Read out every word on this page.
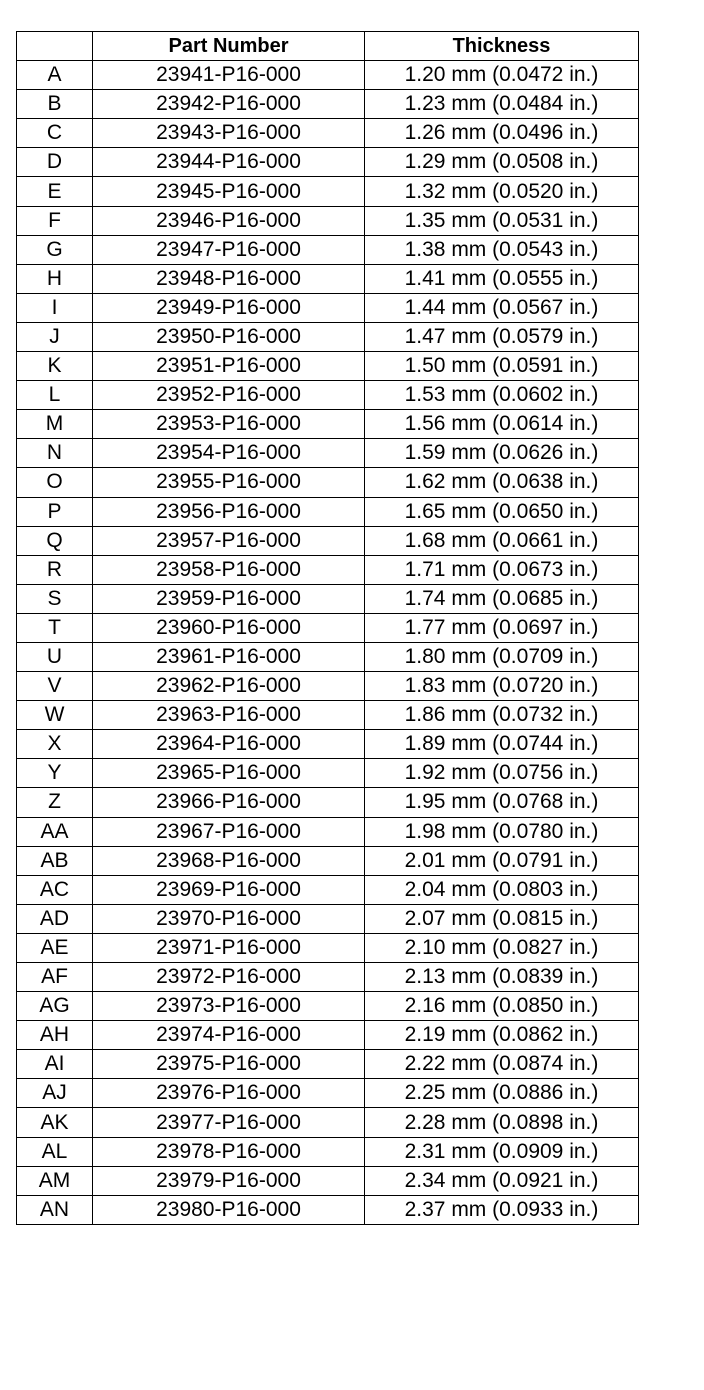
	Part Number	Thickness
A	23941-P16-000	1.20 mm (0.0472 in.)
B	23942-P16-000	1.23 mm (0.0484 in.)
C	23943-P16-000	1.26 mm (0.0496 in.)
D	23944-P16-000	1.29 mm (0.0508 in.)
E	23945-P16-000	1.32 mm (0.0520 in.)
F	23946-P16-000	1.35 mm (0.0531 in.)
G	23947-P16-000	1.38 mm (0.0543 in.)
H	23948-P16-000	1.41 mm (0.0555 in.)
I	23949-P16-000	1.44 mm (0.0567 in.)
J	23950-P16-000	1.47 mm (0.0579 in.)
K	23951-P16-000	1.50 mm (0.0591 in.)
L	23952-P16-000	1.53 mm (0.0602 in.)
M	23953-P16-000	1.56 mm (0.0614 in.)
N	23954-P16-000	1.59 mm (0.0626 in.)
O	23955-P16-000	1.62 mm (0.0638 in.)
P	23956-P16-000	1.65 mm (0.0650 in.)
Q	23957-P16-000	1.68 mm (0.0661 in.)
R	23958-P16-000	1.71 mm (0.0673 in.)
S	23959-P16-000	1.74 mm (0.0685 in.)
T	23960-P16-000	1.77 mm (0.0697 in.)
U	23961-P16-000	1.80 mm (0.0709 in.)
V	23962-P16-000	1.83 mm (0.0720 in.)
W	23963-P16-000	1.86 mm (0.0732 in.)
X	23964-P16-000	1.89 mm (0.0744 in.)
Y	23965-P16-000	1.92 mm (0.0756 in.)
Z	23966-P16-000	1.95 mm (0.0768 in.)
AA	23967-P16-000	1.98 mm (0.0780 in.)
AB	23968-P16-000	2.01 mm (0.0791 in.)
AC	23969-P16-000	2.04 mm (0.0803 in.)
AD	23970-P16-000	2.07 mm (0.0815 in.)
AE	23971-P16-000	2.10 mm (0.0827 in.)
AF	23972-P16-000	2.13 mm (0.0839 in.)
AG	23973-P16-000	2.16 mm (0.0850 in.)
AH	23974-P16-000	2.19 mm (0.0862 in.)
AI	23975-P16-000	2.22 mm (0.0874 in.)
AJ	23976-P16-000	2.25 mm (0.0886 in.)
AK	23977-P16-000	2.28 mm (0.0898 in.)
AL	23978-P16-000	2.31 mm (0.0909 in.)
AM	23979-P16-000	2.34 mm (0.0921 in.)
AN	23980-P16-000	2.37 mm (0.0933 in.)
